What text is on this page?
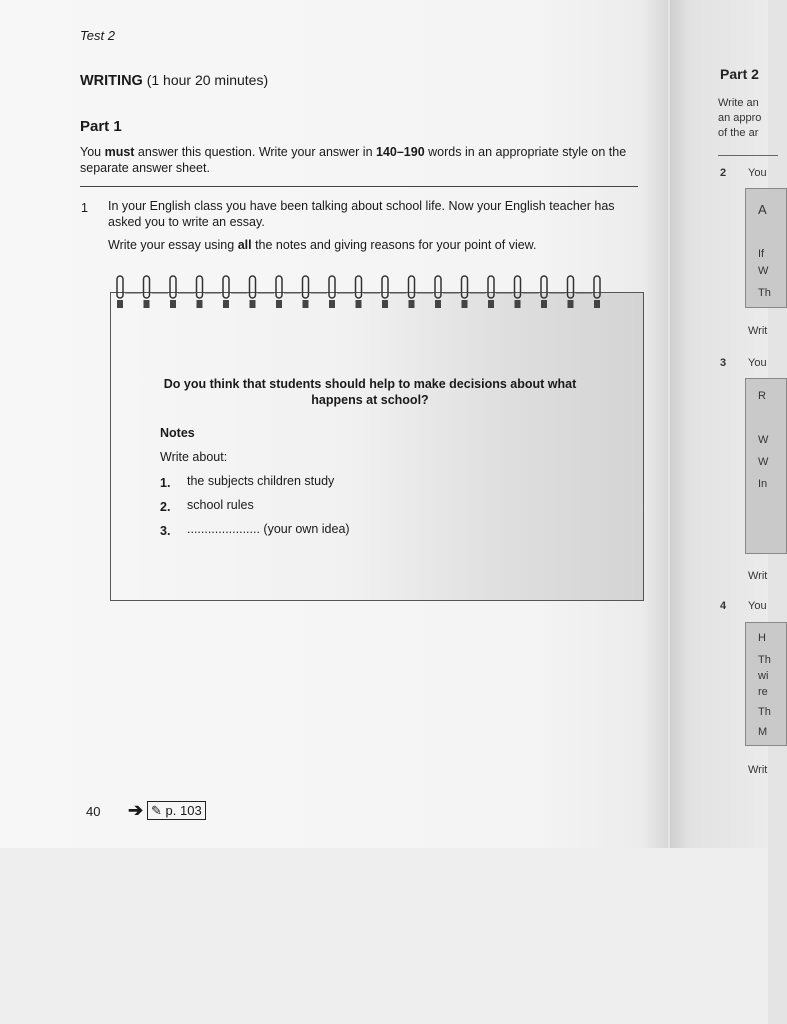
Test 2
WRITING (1 hour 20 minutes)
Part 1
You must answer this question. Write your answer in 140–190 words in an appropriate style on the separate answer sheet.
1 In your English class you have been talking about school life. Now your English teacher has asked you to write an essay.
Write your essay using all the notes and giving reasons for your point of view.
Do you think that students should help to make decisions about what happens at school?
Notes
Write about:
1. the subjects children study
2. school rules
3. ..................... (your own idea)
40 ➔ ✎ p. 103
Part 2
Write an
an appro
of the ar
2 You
A
If
W
Th
Writ
3 You
R
W
W
In
Writ
4 You
H
Th
wi
re
Th
M
Writ
